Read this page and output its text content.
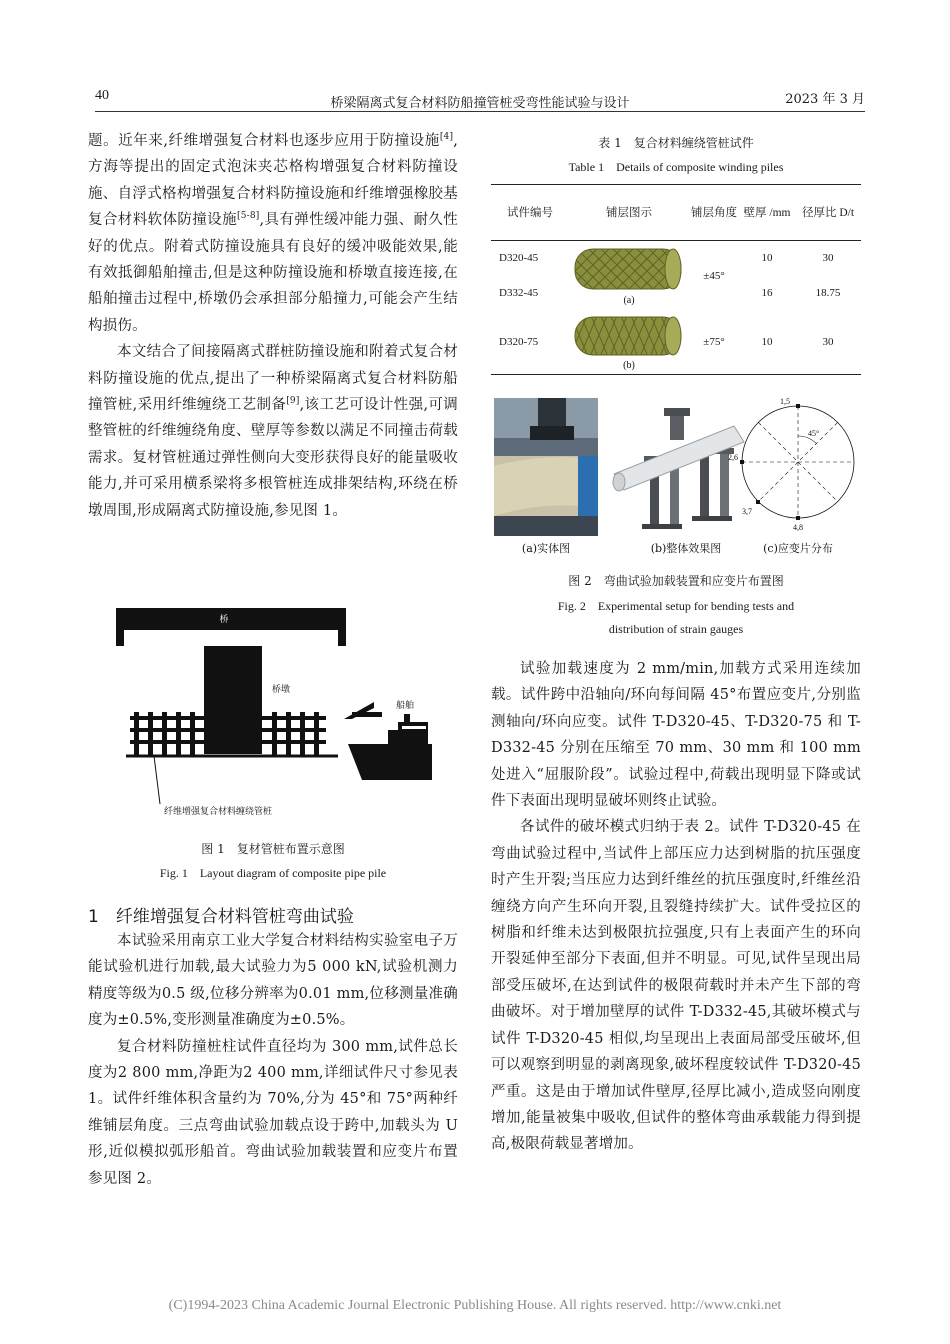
40
桥梁隔离式复合材料防船撞管桩受弯性能试验与设计	2023 年 3 月

题。近年来,纤维增强复合材料也逐步应用于防撞设施[4],方海等提出的固定式泡沫夹芯格构增强复合材料防撞设施、自浮式格构增强复合材料防撞设施和纤维增强橡胶基复合材料软体防撞设施[5-8],具有弹性缓冲能力强、耐久性好的优点。附着式防撞设施具有良好的缓冲吸能效果,能有效抵御船舶撞击,但是这种防撞设施和桥墩直接连接,在船舶撞击过程中,桥墩仍会承担部分船撞力,可能会产生结构损伤。

本文结合了间接隔离式群桩防撞设施和附着式复合材料防撞设施的优点,提出了一种桥梁隔离式复合材料防船撞管桩,采用纤维缠绕工艺制备[9],该工艺可设计性强,可调整管桩的纤维缠绕角度、壁厚等参数以满足不同撞击荷载需求。复材管桩通过弹性侧向大变形获得良好的能量吸收能力,并可采用横系梁将多根管桩连成排架结构,环绕在桥墩周围,形成隔离式防撞设施,参见图 1。

桥
桥墩
纤维增强复合材料缠绕管桩
船舶
图 1　复材管桩布置示意图
Fig. 1　Layout diagram of composite pipe pile
1　纤维增强复合材料管桩弯曲试验

本试验采用南京工业大学复合材料结构实验室电子万能试验机进行加载,最大试验力为5 000 kN,试验机测力精度等级为0.5 级,位移分辨率为0.01 mm,位移测量准确度为±0.5%,变形测量准确度为±0.5%。

复合材料防撞桩柱试件直径均为 300 mm,试件总长度为2 800 mm,净距为2 400 mm,详细试件尺寸参见表 1。试件纤维体积含量约为 70%,分为 45°和 75°两种纤维铺层角度。三点弯曲试验加载点设于跨中,加载头为 U 形,近似模拟弧形船首。弯曲试验加载装置和应变片布置参见图 2。

表 1　复合材料缠绕管桩试件
Table 1　Details of composite winding piles
试件编号	铺层图示	铺层角度	壁厚 /mm	径厚比 D/t
D320-45	(a)	±45°	10	30
D332-45			16	18.75
D320-75	(b)	±75°	10	30
(a)实体图	(b)整体效果图
1,5
2,6
3,7
4,8
45°
(c)应变片分布
图 2　弯曲试验加载装置和应变片布置图
Fig. 2　Experimental setup for bending tests and
distribution of strain gauges

试验加载速度为 2 mm/min,加载方式采用连续加载。试件跨中沿轴向/环向每间隔 45°布置应变片,分别监测轴向/环向应变。试件 T-D320-45、T-D320-75 和 T-D332-45 分别在压缩至 70 mm、30 mm 和 100 mm 处进入“屈服阶段”。试验过程中,荷载出现明显下降或试件下表面出现明显破坏则终止试验。

各试件的破坏模式归纳于表 2。试件 T-D320-45 在弯曲试验过程中,当试件上部压应力达到树脂的抗压强度时产生开裂;当压应力达到纤维丝的抗压强度时,纤维丝沿缠绕方向产生环向开裂,且裂缝持续扩大。试件受拉区的树脂和纤维未达到极限抗拉强度,只有上表面产生的环向开裂延伸至部分下表面,但并不明显。可见,试件呈现出局部受压破坏,在达到试件的极限荷载时并未产生下部的弯曲破坏。对于增加壁厚的试件 T-D332-45,其破坏模式与试件 T-D320-45 相似,均呈现出上表面局部受压破坏,但可以观察到明显的剥离现象,破坏程度较试件 T-D320-45 严重。这是由于增加试件壁厚,径厚比减小,造成竖向刚度增加,能量被集中吸收,但试件的整体弯曲承载能力得到提高,极限荷载显著增加。

(C)1994-2023 China Academic Journal Electronic Publishing House. All rights reserved. http://www.cnki.net
